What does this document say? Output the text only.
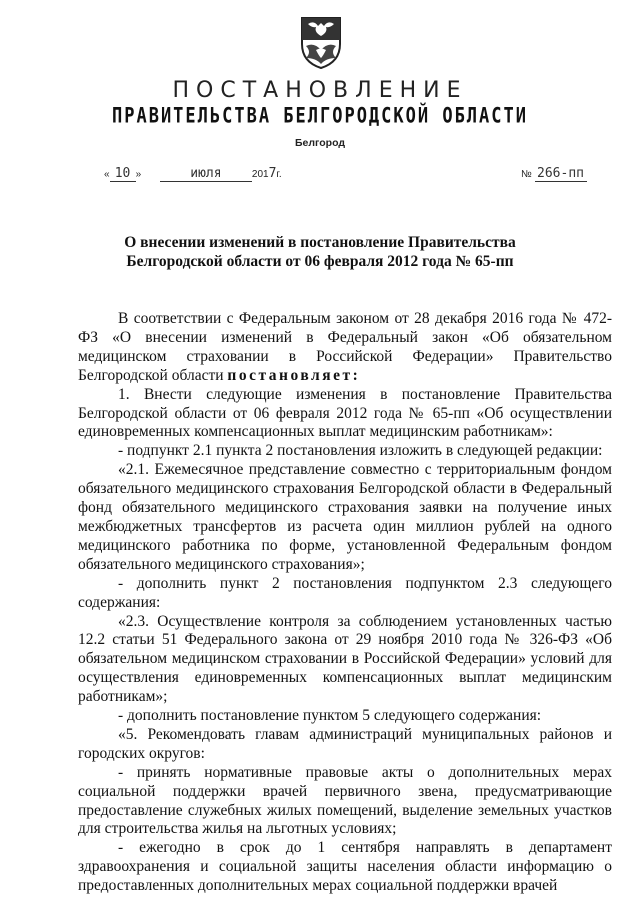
ПОСТАНОВЛЕНИЕ
ПРАВИТЕЛЬСТВА БЕЛГОРОДСКОЙ ОБЛАСТИ
Белгород
« 10 »	июля	2017г.	№ 266-пп
О внесении изменений в постановление Правительства
Белгородской области от 06 февраля 2012 года № 65-пп

В соответствии с Федеральным законом от 28 декабря 2016 года № 472-ФЗ «О внесении изменений в Федеральный закон «Об обязательном медицинском страховании в Российской Федерации» Правительство Белгородской области постановляет:

1. Внести следующие изменения в постановление Правительства Белгородской области от 06 февраля 2012 года № 65-пп «Об осуществлении единовременных компенсационных выплат медицинским работникам»:

- подпункт 2.1 пункта 2 постановления изложить в следующей редакции:

«2.1. Ежемесячное представление совместно с территориальным фондом обязательного медицинского страхования Белгородской области в Федеральный фонд обязательного медицинского страхования заявки на получение иных межбюджетных трансфертов из расчета один миллион рублей на одного медицинского работника по форме, установленной Федеральным фондом обязательного медицинского страхования»;

- дополнить пункт 2 постановления подпунктом 2.3 следующего содержания:

«2.3. Осуществление контроля за соблюдением установленных частью 12.2 статьи 51 Федерального закона от 29 ноября 2010 года № 326-ФЗ «Об обязательном медицинском страховании в Российской Федерации» условий для осуществления единовременных компенсационных выплат медицинским работникам»;

- дополнить постановление пунктом 5 следующего содержания:

«5. Рекомендовать главам администраций муниципальных районов и городских округов:

- принять нормативные правовые акты о дополнительных мерах социальной поддержки врачей первичного звена, предусматривающие предоставление служебных жилых помещений, выделение земельных участков для строительства жилья на льготных условиях;

- ежегодно в срок до 1 сентября направлять в департамент здравоохранения и социальной защиты населения области информацию о предоставленных дополнительных мерах социальной поддержки врачей
